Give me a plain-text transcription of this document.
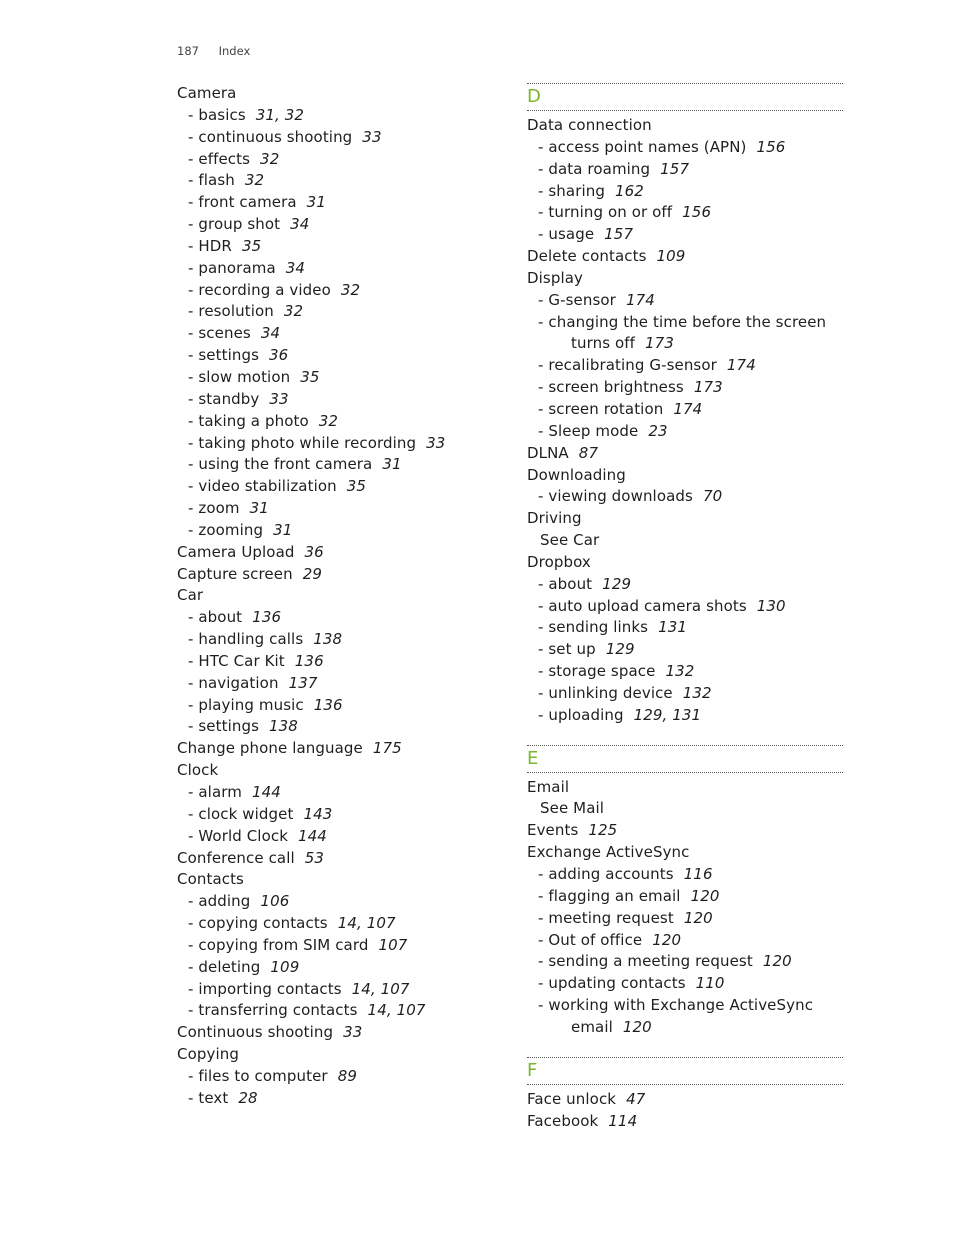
187 Index
Camera
- basics 31, 32
- continuous shooting 33
- effects 32
- flash 32
- front camera 31
- group shot 34
- HDR 35
- panorama 34
- recording a video 32
- resolution 32
- scenes 34
- settings 36
- slow motion 35
- standby 33
- taking a photo 32
- taking photo while recording 33
- using the front camera 31
- video stabilization 35
- zoom 31
- zooming 31
Camera Upload 36
Capture screen 29
Car
- about 136
- handling calls 138
- HTC Car Kit 136
- navigation 137
- playing music 136
- settings 138
Change phone language 175
Clock
- alarm 144
- clock widget 143
- World Clock 144
Conference call 53
Contacts
- adding 106
- copying contacts 14, 107
- copying from SIM card 107
- deleting 109
- importing contacts 14, 107
- transferring contacts 14, 107
Continuous shooting 33
Copying
- files to computer 89
- text 28
D
Data connection
- access point names (APN) 156
- data roaming 157
- sharing 162
- turning on or off 156
- usage 157
Delete contacts 109
Display
- G-sensor 174
- changing the time before the screen
turns off 173
- recalibrating G-sensor 174
- screen brightness 173
- screen rotation 174
- Sleep mode 23
DLNA 87
Downloading
- viewing downloads 70
Driving
See Car
Dropbox
- about 129
- auto upload camera shots 130
- sending links 131
- set up 129
- storage space 132
- unlinking device 132
- uploading 129, 131
E
Email
See Mail
Events 125
Exchange ActiveSync
- adding accounts 116
- flagging an email 120
- meeting request 120
- Out of office 120
- sending a meeting request 120
- updating contacts 110
- working with Exchange ActiveSync
email 120
F
Face unlock 47
Facebook 114
